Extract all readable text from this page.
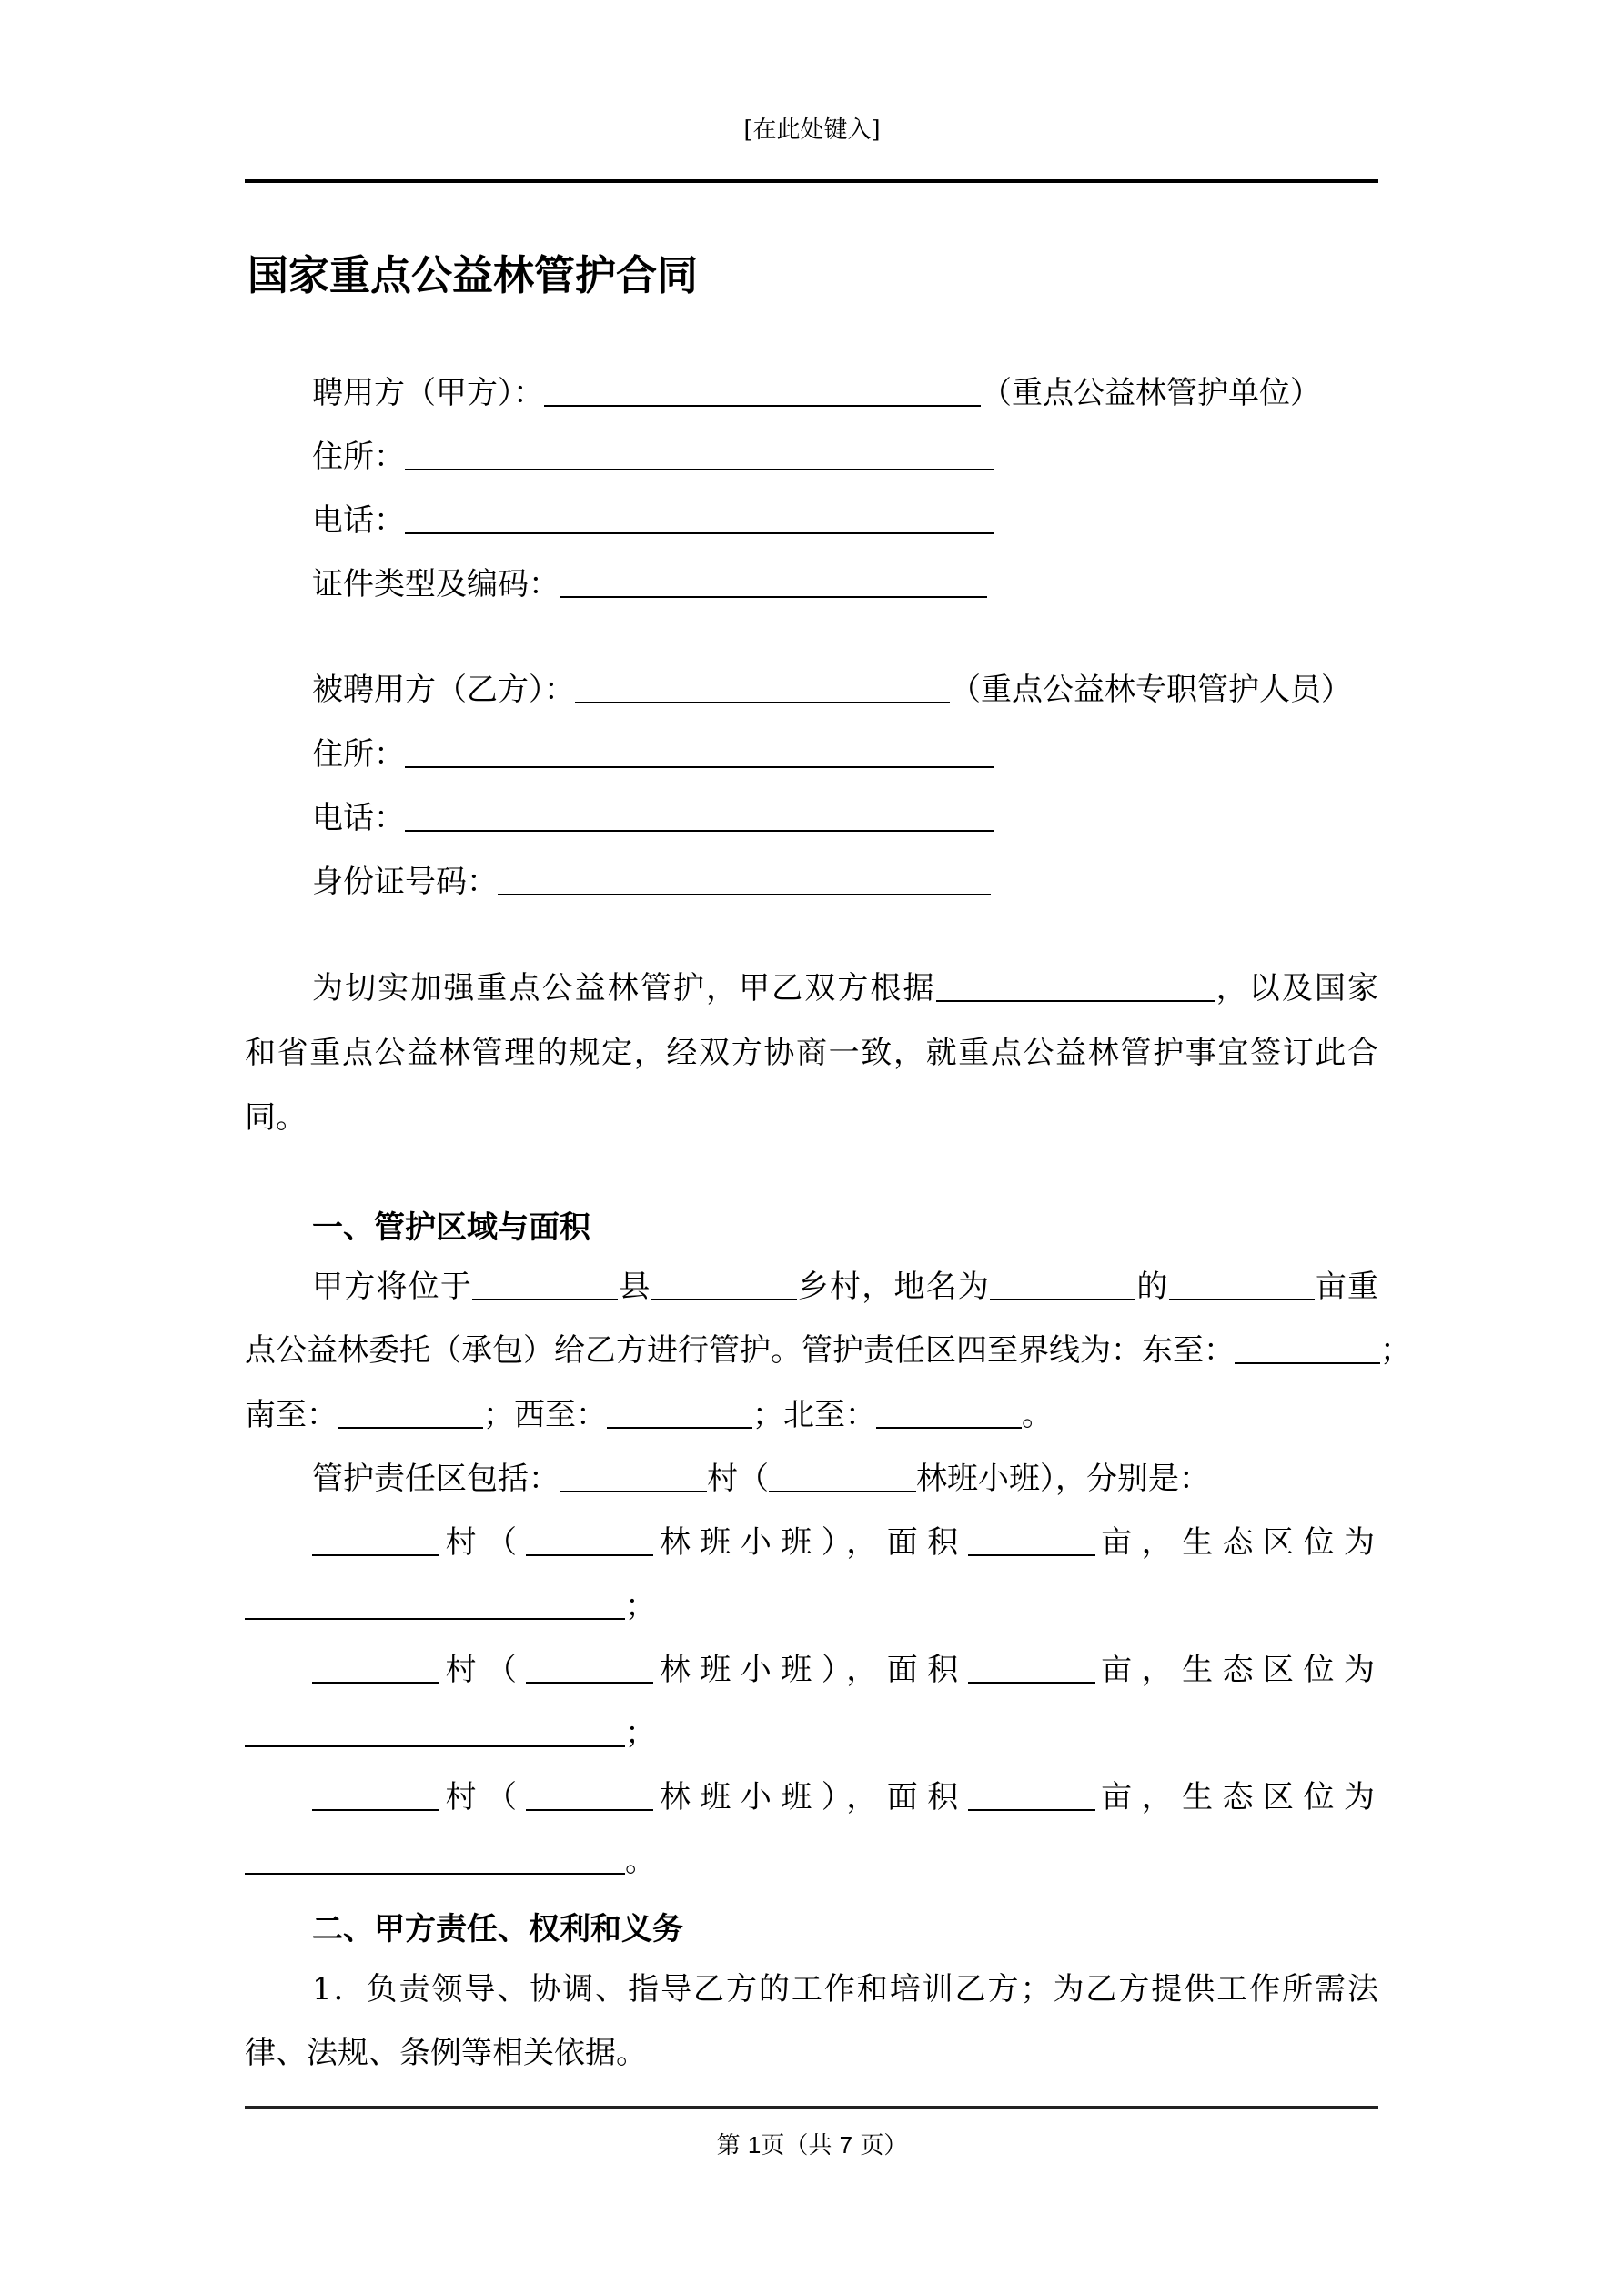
[在此处键入]
国家重点公益林管护合同
聘用方（甲方）：	（重点公益林管护单位）
住所：
电话：
证件类型及编码：
被聘用方（乙方）：	（重点公益林专职管护人员）
住所：
电话：
身份证号码：
为切实加强重点公益林管护，甲乙双方根据	，以及国家
和省重点公益林管理的规定，经双方协商一致，就重点公益林管护事宜签订此合
同。
一、管护区域与面积
甲方将位于	县	乡村，地名为	的	亩重
点公益林委托（承包）给乙方进行管护。管护责任区四至界线为：东至：	；
南至：	；西至：	；北至：	。
管护责任区包括：	村（	林班小班），分别是：
村（	林班小班），面积	亩，生态区位为
；
村（	林班小班），面积	亩，生态区位为
；
村（	林班小班），面积	亩，生态区位为
。
二、甲方责任、权利和义务
1．负责领导、协调、指导乙方的工作和培训乙方；为乙方提供工作所需法
律、法规、条例等相关依据。
第 1页（共 7 页）
